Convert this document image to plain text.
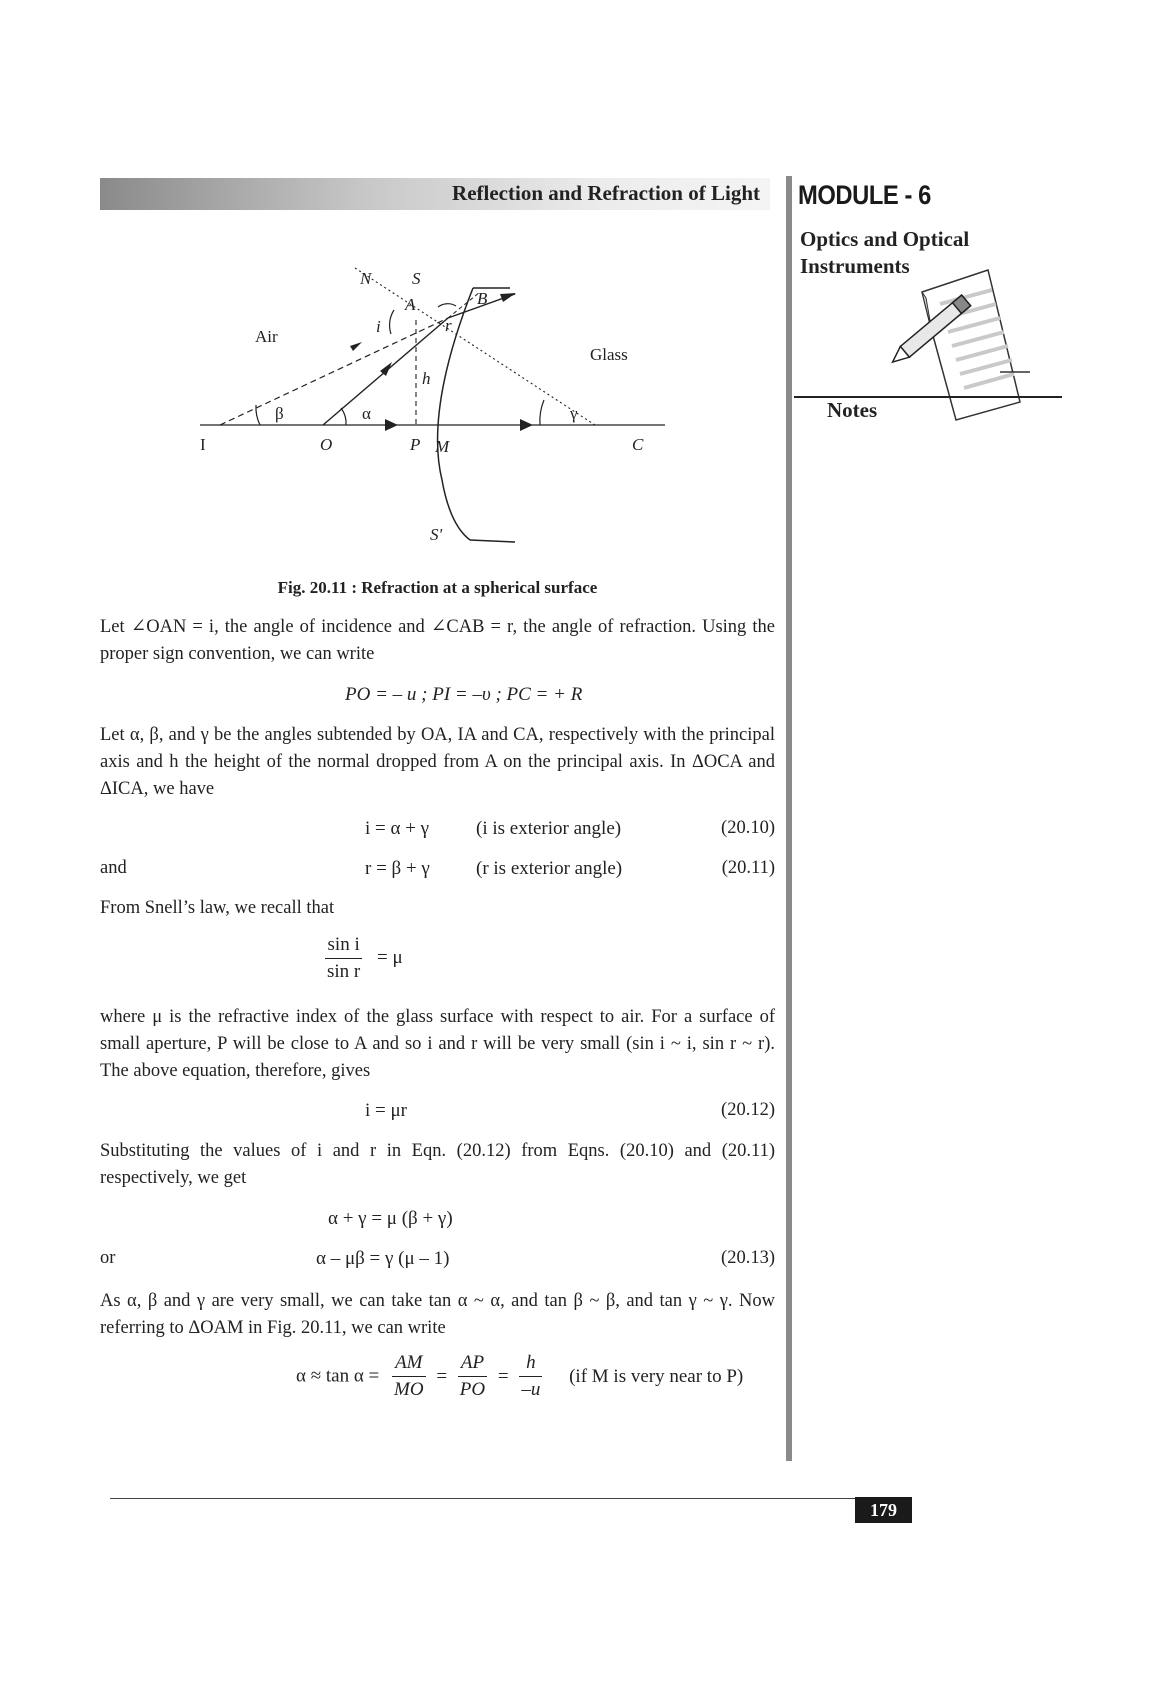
Reflection and Refraction of Light MODULE - 6
Optics and Optical
Instruments
Notes
N S
A	B
i	r
Air
Glass
h
β	α	γ
I	O	P M	C
S'
Fig. 20.11 : Refraction at a spherical surface
Let ∠OAN = i, the angle of incidence and ∠CAB = r, the angle of refraction. Using the proper sign convention, we can write
PO = – u ; PI = –υ ; PC = + R
Let α, β, and γ be the angles subtended by OA, IA and CA, respectively with the principal axis and h the height of the normal dropped from A on the principal axis. In ΔOCA and ΔICA, we have
i = α + γ (i is exterior angle)	(20.10)
and	r = β + γ (r is exterior angle)	(20.11)
From Snell’s law, we recall that
$\frac{\text{sin i}}{\text{sin r}} = \mu$
where μ is the refractive index of the glass surface with respect to air. For a surface of small aperture, P will be close to A and so i and r will be very small (sin i ~ i, sin r ~ r). The above equation, therefore, gives
i = μr	(20.12)
Substituting the values of i and r in Eqn. (20.12) from Eqns. (20.10) and (20.11) respectively, we get
α + γ = μ (β + γ)
or	α – μβ = γ (μ – 1)	(20.13)
As α, β and γ are very small, we can take tan α ~ α, and tan β ~ β, and tan γ ~ γ. Now referring to ΔOAM in Fig. 20.11, we can write
$\alpha \approx \tan \alpha = \frac{AM}{MO} = \frac{AP}{PO} = \frac{h}{-u} (if$ M is very near to P)
179
